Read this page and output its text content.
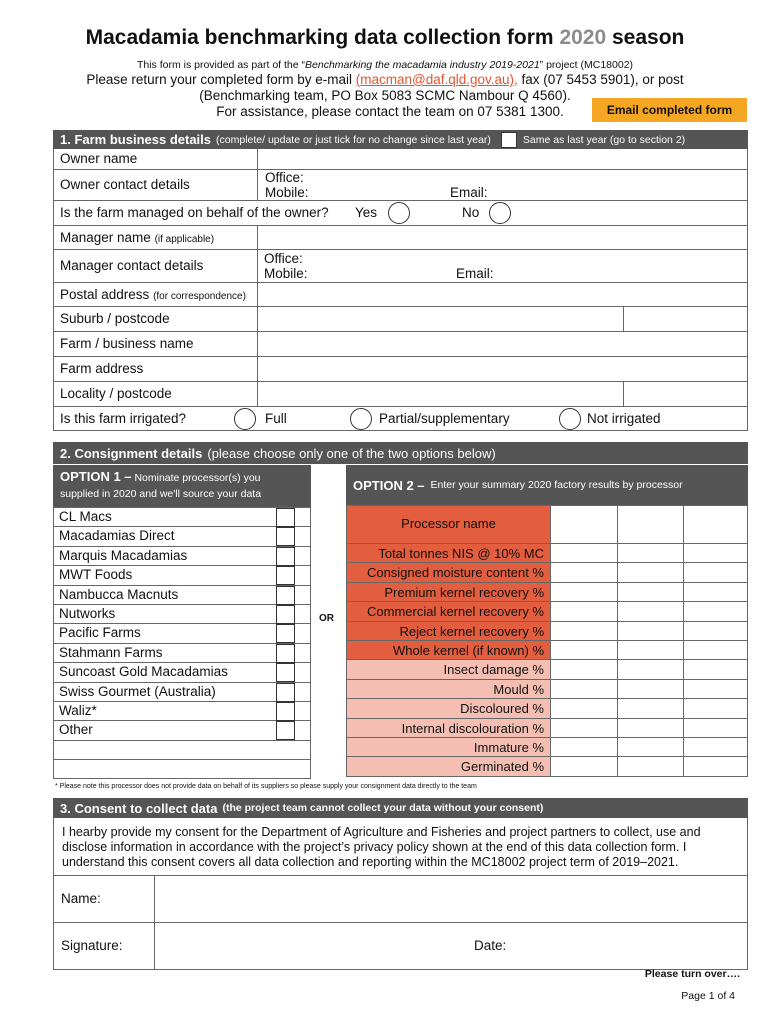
Macadamia benchmarking data collection form 2020 season
This form is provided as part of the “Benchmarking the macadamia industry 2019-2021” project (MC18002)
Please return your completed form by e-mail (macman@daf.qld.gov.au), fax (07 5453 5901), or post
(Benchmarking team, PO Box 5083 SCMC Nambour Q 4560).
For assistance, please contact the team on 07 5381 1300.	Email completed form
1. Farm business details (complete/ update or just tick for no change since last year)	Same as last year (go to section 2)
Owner name
Owner contact details	Office:
Mobile:	Email:
Is the farm managed on behalf of the owner? Yes	No
Manager name (if applicable)
Manager contact details	Office:
Mobile:	Email:
Postal address (for correspondence)
Suburb / postcode
Farm / business name
Farm address
Locality / postcode
Is this farm irrigated?	Full	Partial/supplementary	Not irrigated
2. Consignment details (please choose only one of the two options below)
OPTION 1 – Nominate processor(s) you
supplied in 2020 and we'll source your data
OPTION 2 – Enter your summary 2020 factory results by processor
OR
CL Macs
Macadamias Direct
Marquis Macadamias
MWT Foods
Nambucca Macnuts
Nutworks
Pacific Farms
Stahmann Farms
Suncoast Gold Macadamias
Swiss Gourmet (Australia)
Waliz*
Other
Processor name
Total tonnes NIS @ 10% MC
Consigned moisture content %
Premium kernel recovery %
Commercial kernel recovery %
Reject kernel recovery %
Whole kernel (if known) %
Insect damage %
Mould %
Discoloured %
Internal discolouration %
Immature %
Germinated %
* Please note this processor does not provide data on behalf of its suppliers so please supply your consignment data directly to the team
3. Consent to collect data (the project team cannot collect your data without your consent)
I hearby provide my consent for the Department of Agriculture and Fisheries and project partners to collect, use and disclose information in accordance with the project’s privacy policy shown at the end of this data collection form. I understand this consent covers all data collection and reporting within the MC18002 project term of 2019–2021.
Name:
Signature:	Date:
Please turn over….
Page 1 of 4
